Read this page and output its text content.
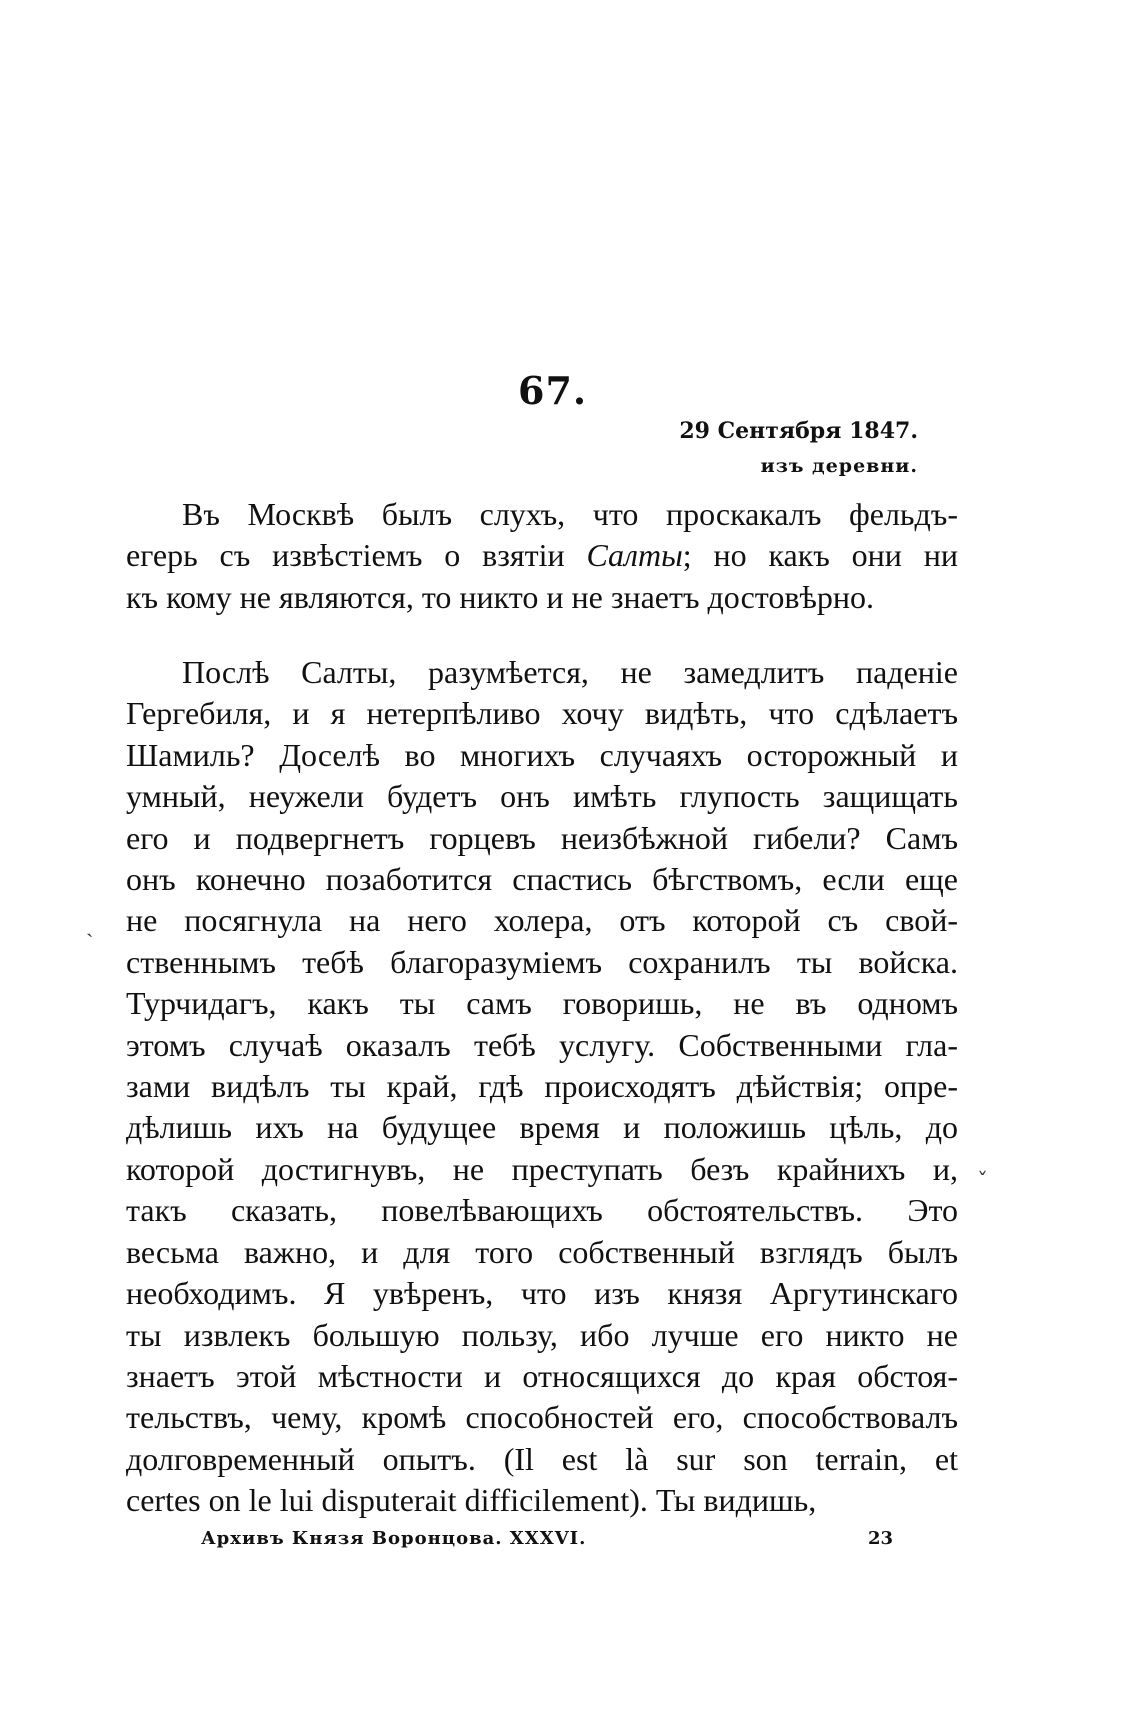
67.
29 Сентября 1847.
изъ деревни.
Въ Москвѣ былъ слухъ, что проскакалъ фельдъ-
егерь съ извѣстіемъ о взятіи Салты; но какъ они ни
къ кому не являются, то никто и не знаетъ достовѣрно.
Послѣ Салты, разумѣется, не замедлитъ паденіе
Гергебиля, и я нетерпѣливо хочу видѣть, что сдѣлаетъ
Шамиль? Доселѣ во многихъ случаяхъ осторожный и
умный, неужели будетъ онъ имѣть глупость защищать
его и подвергнетъ горцевъ неизбѣжной гибели? Самъ
онъ конечно позаботится спастись бѣгствомъ, если еще
не посягнула на него холера, отъ которой съ свой-
ственнымъ тебѣ благоразуміемъ сохранилъ ты войска.
Турчидагъ, какъ ты самъ говоришь, не въ одномъ
этомъ случаѣ оказалъ тебѣ услугу. Собственными гла-
зами видѣлъ ты край, гдѣ происходятъ дѣйствія; опре-
дѣлишь ихъ на будущее время и положишь цѣль, до
которой достигнувъ, не преступать безъ крайнихъ и,
такъ сказать, повелѣвающихъ обстоятельствъ. Это
весьма важно, и для того собственный взглядъ былъ
необходимъ. Я увѣренъ, что изъ князя Аргутинскаго
ты извлекъ большую пользу, ибо лучше его никто не
знаетъ этой мѣстности и относящихся до края обстоя-
тельствъ, чему, кромѣ способностей его, способствовалъ
долговременный опытъ. (Il est là sur son terrain, et
certes on le lui disputerait difficilement). Ты видишь,
Архивъ Князя Воронцова. XXXVI.	23
ˎ
ˇ
